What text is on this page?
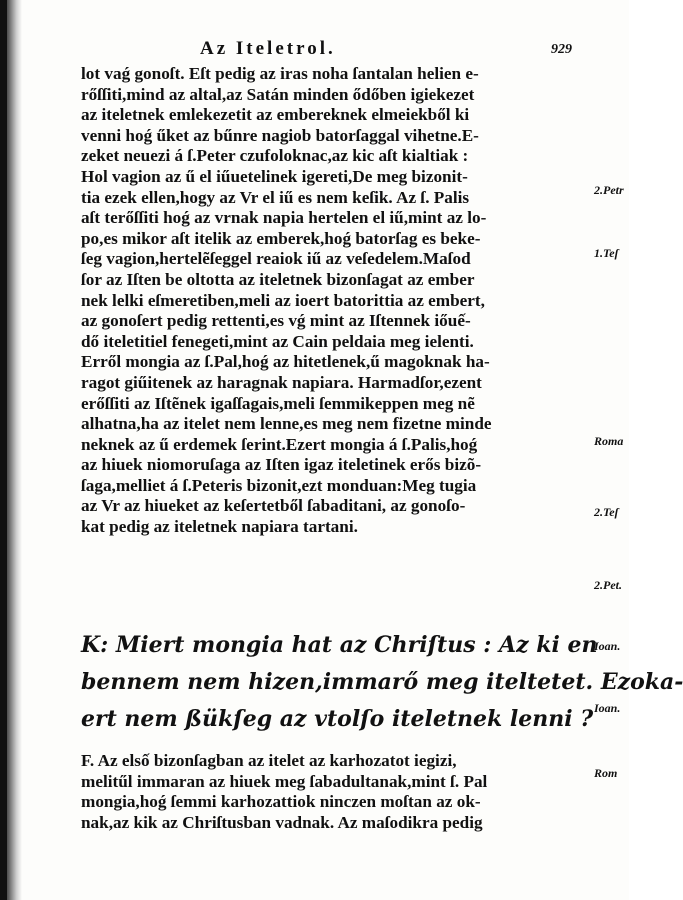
Az Iteletrol.	929
lot vaǵ gonoſt. Eſt pedig az iras noha ſantalan helien e-
rőſſiti,mind az altal,az Satán minden ődőben igiekezet
az iteletnek emlekezetit az embereknek elmeiekből ki
venni hoǵ űket az bűnre nagiob batorſaggal vihetne.E-
zeket neuezi á ſ.Peter czufoloknac,az kic aſt kialtiak :
Hol vagion az ű el iűuetelinek igereti,De meg bizonit-
tia ezek ellen,hogy az Vr el iű es nem keſik. Az ſ. Palis
aſt terőſſiti hoǵ az vrnak napia hertelen el iű,mint az lo-
po,es mikor aſt itelik az emberek,hoǵ batorſag es beke-
ſeg vagion,hertelẽſeggel reaiok iű az veſedelem.Maſod
ſor az Iſten be oltotta az iteletnek bizonſagat az ember
nek lelki eſmeretiben,meli az ioert batorittia az embert,
az gonoſert pedig rettenti,es vǵ mint az Iſtennek iőuế-
dő iteletitiel fenegeti,mint az Cain peldaia meg ielenti.
Erről mongia az ſ.Pal,hoǵ az hitetlenek,ű magoknak ha-
ragot giűitenek az haragnak napiara. Harmadſor,ezent
erőſſiti az Iſtẽnek igaſſagais,meli ſemmikeppen meg nẽ
alhatna,ha az itelet nem lenne,es meg nem fizetne minde
neknek az ű erdemek ſerint.Ezert mongia á ſ.Palis,hoǵ
az hiuek niomoruſaga az Iſten igaz iteletinek erős bizõ-
ſaga,melliet á ſ.Peteris bizonit,ezt monduan:Meg tugia
az Vr az hiueket az keſertetből ſabaditani, az gonoſo-
kat pedig az iteletnek napiara tartani.
K: Miert mongia hat az Chriſtus : Az ki en
bennem nem hizen,immarő meg iteltetet. Ezoka-
ert nem ßükſeg az vtolſo iteletnek lenni ?
F. Az elsố bizonſagban az itelet az karhozatot iegizi,
melitűl immaran az hiuek meg ſabadultanak,mint ſ. Pal
mongia,hoǵ ſemmi karhozattiok ninczen moſtan az ok-
nak,az kik az Chriſtusban vadnak. Az maſodikra pedig
2.Petr
1.Teſ
Roma
2.Teſ
2.Pet.
Ioan.
Ioan.
Rom
